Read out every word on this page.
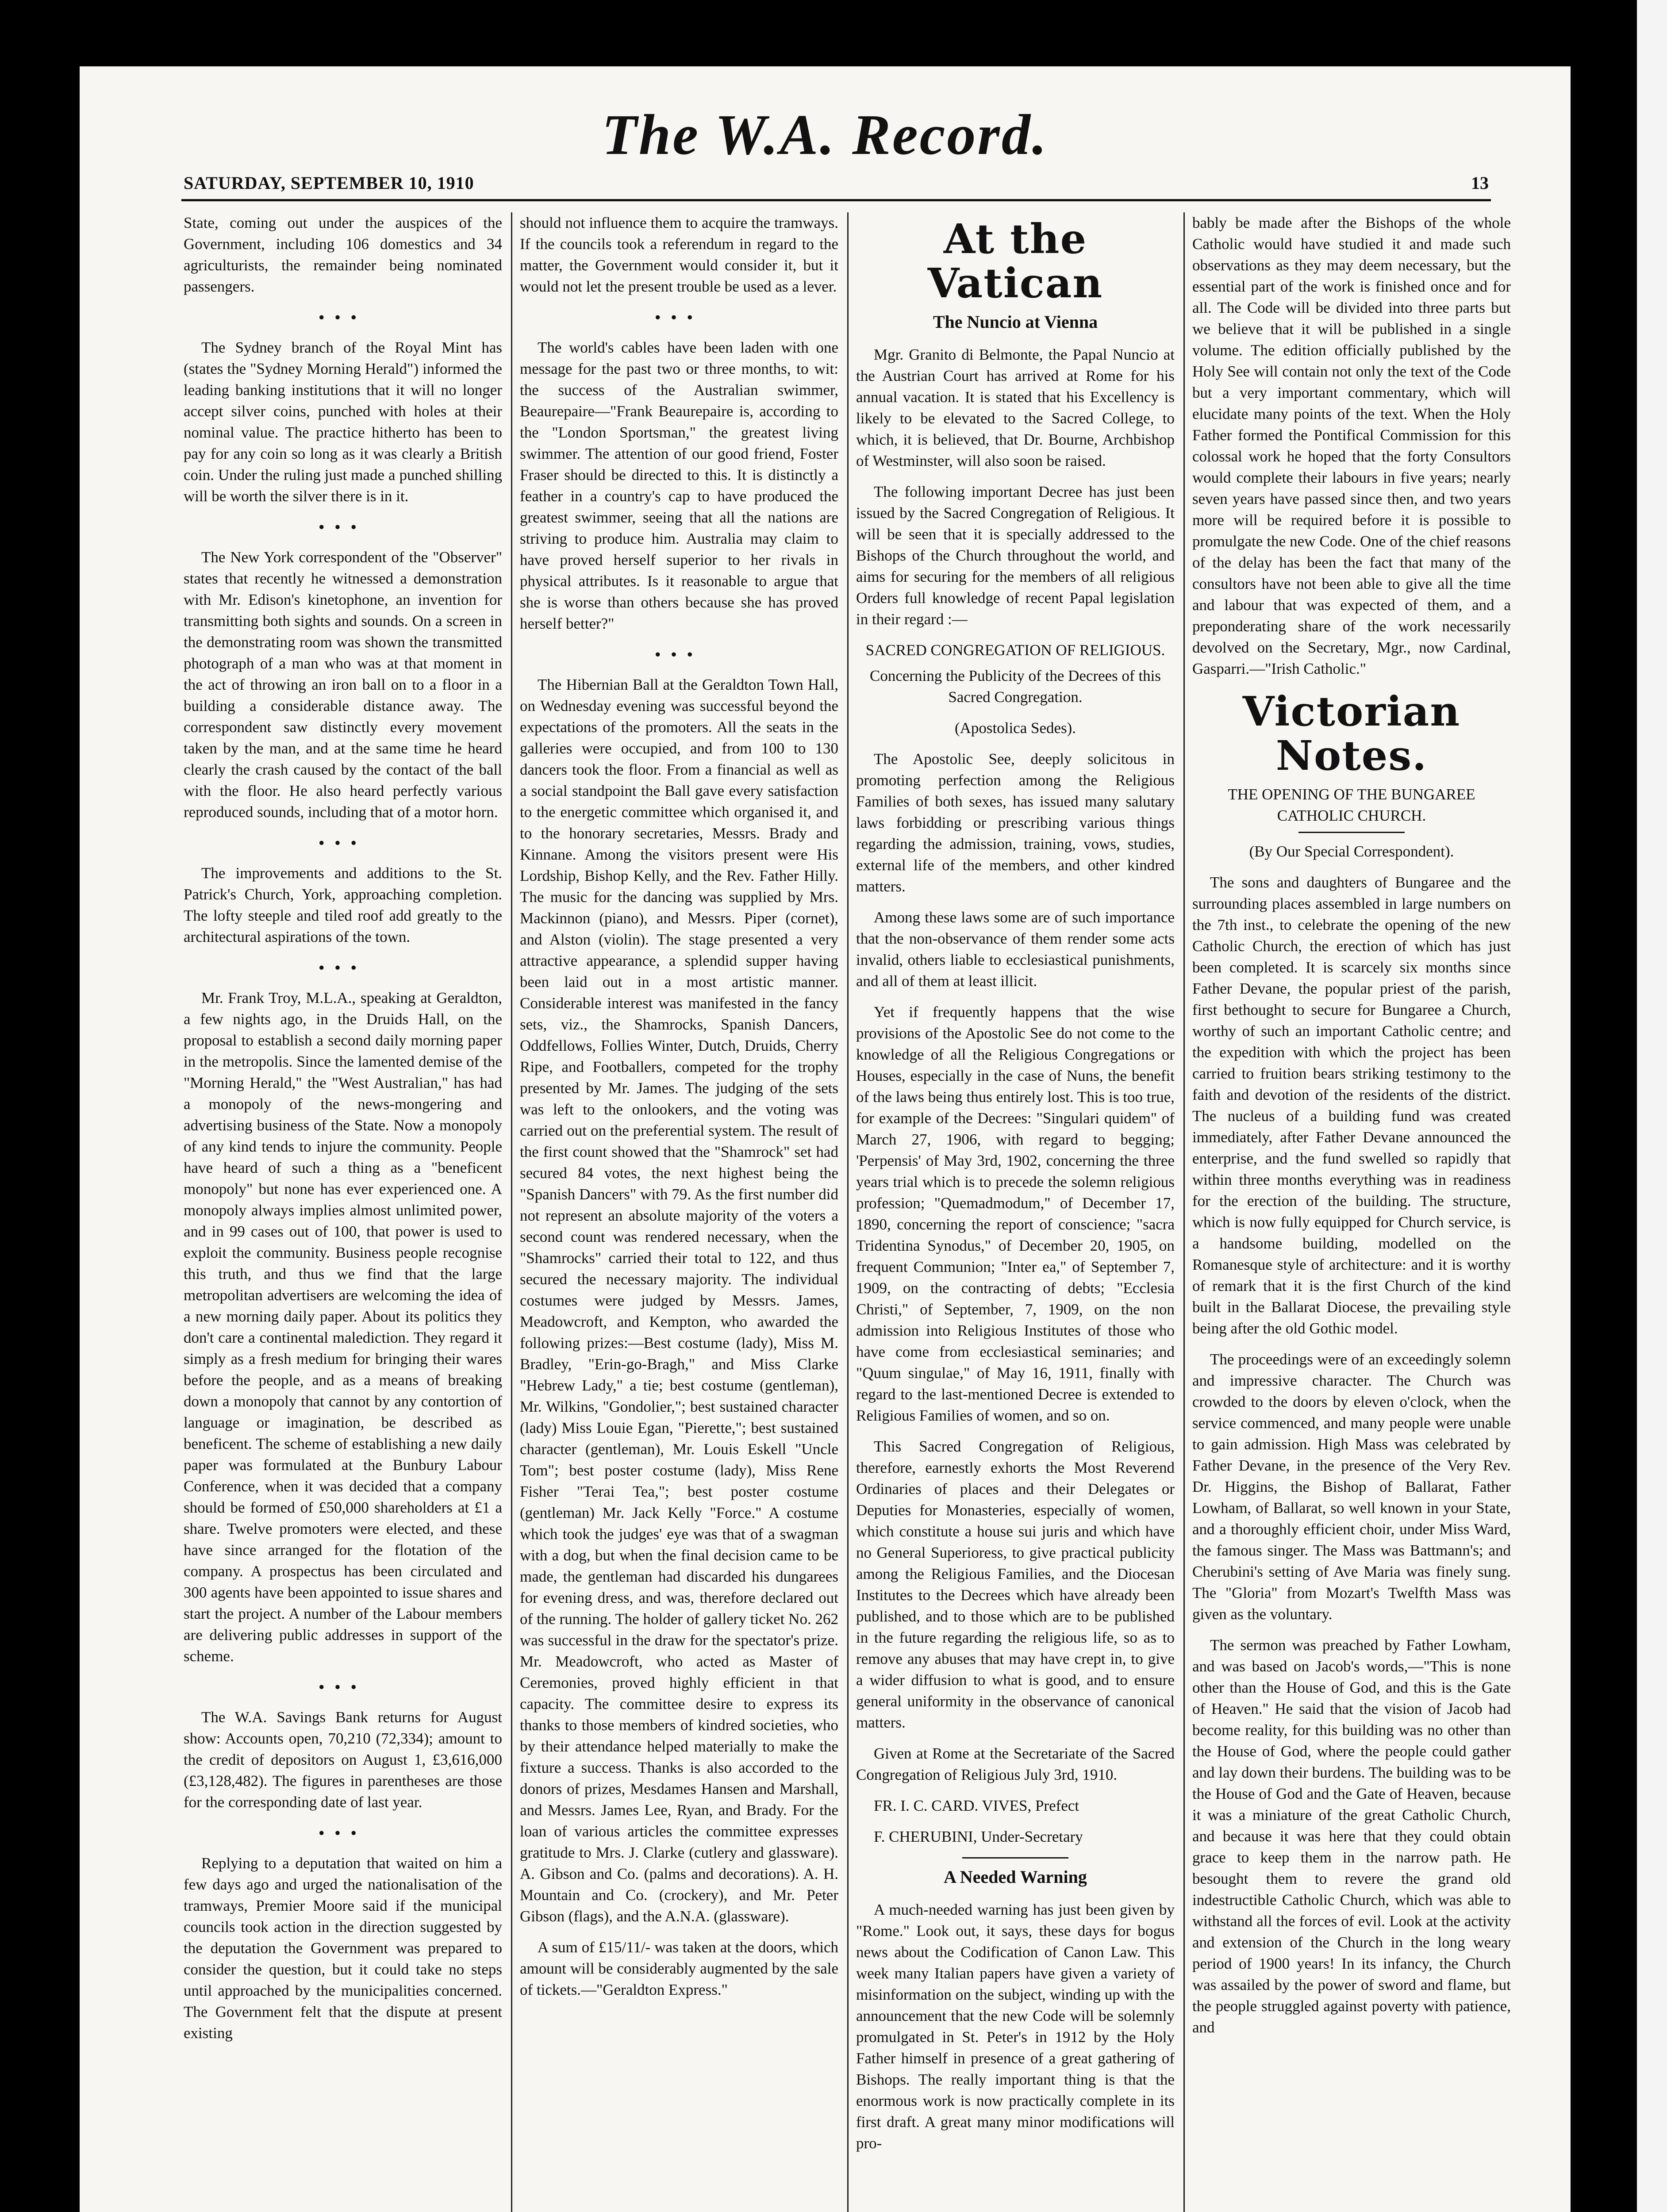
The W.A. Record.
SATURDAY, SEPTEMBER 10, 1910	13

State, coming out under the auspices of the Government, including 106 domestics and 34 agriculturists, the remainder being nominated passengers.

•••

The Sydney branch of the Royal Mint has (states the "Sydney Morning Herald") informed the leading banking institutions that it will no longer accept silver coins, punched with holes at their nominal value. The practice hitherto has been to pay for any coin so long as it was clearly a British coin. Under the ruling just made a punched shilling will be worth the silver there is in it.

•••

The New York correspondent of the "Observer" states that recently he witnessed a demonstration with Mr. Edison's kinetophone, an invention for transmitting both sights and sounds. On a screen in the demonstrating room was shown the transmitted photograph of a man who was at that moment in the act of throwing an iron ball on to a floor in a building a considerable distance away. The correspondent saw distinctly every movement taken by the man, and at the same time he heard clearly the crash caused by the contact of the ball with the floor. He also heard perfectly various reproduced sounds, including that of a motor horn.

•••

The improvements and additions to the St. Patrick's Church, York, approaching completion. The lofty steeple and tiled roof add greatly to the architectural aspirations of the town.

•••

Mr. Frank Troy, M.L.A., speaking at Geraldton, a few nights ago, in the Druids Hall, on the proposal to establish a second daily morning paper in the metropolis. Since the lamented demise of the "Morning Herald," the "West Australian," has had a monopoly of the news-mongering and advertising business of the State. Now a monopoly of any kind tends to injure the community. People have heard of such a thing as a "beneficent monopoly" but none has ever experienced one. A monopoly always implies almost unlimited power, and in 99 cases out of 100, that power is used to exploit the community. Business people recognise this truth, and thus we find that the large metropolitan advertisers are welcoming the idea of a new morning daily paper. About its politics they don't care a continental malediction. They regard it simply as a fresh medium for bringing their wares before the people, and as a means of breaking down a monopoly that cannot by any contortion of language or imagination, be described as beneficent. The scheme of establishing a new daily paper was formulated at the Bunbury Labour Conference, when it was decided that a company should be formed of £50,000 shareholders at £1 a share. Twelve promoters were elected, and these have since arranged for the flotation of the company. A prospectus has been circulated and 300 agents have been appointed to issue shares and start the project. A number of the Labour members are delivering public addresses in support of the scheme.

•••

The W.A. Savings Bank returns for August show: Accounts open, 70,210 (72,334); amount to the credit of depositors on August 1, £3,616,000 (£3,128,482). The figures in parentheses are those for the corresponding date of last year.

•••

Replying to a deputation that waited on him a few days ago and urged the nationalisation of the tramways, Premier Moore said if the municipal councils took action in the direction suggested by the deputation the Government was prepared to consider the question, but it could take no steps until approached by the municipalities concerned. The Government felt that the dispute at present existing

should not influence them to acquire the tramways. If the councils took a referendum in regard to the matter, the Government would consider it, but it would not let the present trouble be used as a lever.

•••

The world's cables have been laden with one message for the past two or three months, to wit: the success of the Australian swimmer, Beaurepaire—"Frank Beaurepaire is, according to the "London Sportsman," the greatest living swimmer. The attention of our good friend, Foster Fraser should be directed to this. It is distinctly a feather in a country's cap to have produced the greatest swimmer, seeing that all the nations are striving to produce him. Australia may claim to have proved herself superior to her rivals in physical attributes. Is it reasonable to argue that she is worse than others because she has proved herself better?"

•••

The Hibernian Ball at the Geraldton Town Hall, on Wednesday evening was successful beyond the expectations of the promoters. All the seats in the galleries were occupied, and from 100 to 130 dancers took the floor. From a financial as well as a social standpoint the Ball gave every satisfaction to the energetic committee which organised it, and to the honorary secretaries, Messrs. Brady and Kinnane. Among the visitors present were His Lordship, Bishop Kelly, and the Rev. Father Hilly. The music for the dancing was supplied by Mrs. Mackinnon (piano), and Messrs. Piper (cornet), and Alston (violin). The stage presented a very attractive appearance, a splendid supper having been laid out in a most artistic manner. Considerable interest was manifested in the fancy sets, viz., the Shamrocks, Spanish Dancers, Oddfellows, Follies Winter, Dutch, Druids, Cherry Ripe, and Footballers, competed for the trophy presented by Mr. James. The judging of the sets was left to the onlookers, and the voting was carried out on the preferential system. The result of the first count showed that the "Shamrock" set had secured 84 votes, the next highest being the "Spanish Dancers" with 79. As the first number did not represent an absolute majority of the voters a second count was rendered necessary, when the "Shamrocks" carried their total to 122, and thus secured the necessary majority. The individual costumes were judged by Messrs. James, Meadowcroft, and Kempton, who awarded the following prizes:—Best costume (lady), Miss M. Bradley, "Erin-go-Bragh," and Miss Clarke "Hebrew Lady," a tie; best costume (gentleman), Mr. Wilkins, "Gondolier,"; best sustained character (lady) Miss Louie Egan, "Pierette,"; best sustained character (gentleman), Mr. Louis Eskell "Uncle Tom"; best poster costume (lady), Miss Rene Fisher "Terai Tea,"; best poster costume (gentleman) Mr. Jack Kelly "Force." A costume which took the judges' eye was that of a swagman with a dog, but when the final decision came to be made, the gentleman had discarded his dungarees for evening dress, and was, therefore declared out of the running. The holder of gallery ticket No. 262 was successful in the draw for the spectator's prize. Mr. Meadowcroft, who acted as Master of Ceremonies, proved highly efficient in that capacity. The committee desire to express its thanks to those members of kindred societies, who by their attendance helped materially to make the fixture a success. Thanks is also accorded to the donors of prizes, Mesdames Hansen and Marshall, and Messrs. James Lee, Ryan, and Brady. For the loan of various articles the committee expresses gratitude to Mrs. J. Clarke (cutlery and glassware). A. Gibson and Co. (palms and decorations). A. H. Mountain and Co. (crockery), and Mr. Peter Gibson (flags), and the A.N.A. (glassware).

A sum of £15/11/- was taken at the doors, which amount will be considerably augmented by the sale of tickets.—"Geraldton Express."

At the Vatican
The Nuncio at Vienna

Mgr. Granito di Belmonte, the Papal Nuncio at the Austrian Court has arrived at Rome for his annual vacation. It is stated that his Excellency is likely to be elevated to the Sacred College, to which, it is believed, that Dr. Bourne, Archbishop of Westminster, will also soon be raised.

The following important Decree has just been issued by the Sacred Congregation of Religious. It will be seen that it is specially addressed to the Bishops of the Church throughout the world, and aims for securing for the members of all religious Orders full knowledge of recent Papal legislation in their regard :—

SACRED CONGREGATION OF RELIGIOUS.

Concerning the Publicity of the Decrees of this Sacred Congregation.

(Apostolica Sedes).

The Apostolic See, deeply solicitous in promoting perfection among the Religious Families of both sexes, has issued many salutary laws forbidding or prescribing various things regarding the admission, training, vows, studies, external life of the members, and other kindred matters.

Among these laws some are of such importance that the non-observance of them render some acts invalid, others liable to ecclesiastical punishments, and all of them at least illicit.

Yet if frequently happens that the wise provisions of the Apostolic See do not come to the knowledge of all the Religious Congregations or Houses, especially in the case of Nuns, the benefit of the laws being thus entirely lost. This is too true, for example of the Decrees: "Singulari quidem" of March 27, 1906, with regard to begging; 'Perpensis' of May 3rd, 1902, concerning the three years trial which is to precede the solemn religious profession; "Quemadmodum," of December 17, 1890, concerning the report of conscience; "sacra Tridentina Synodus," of December 20, 1905, on frequent Communion; "Inter ea," of September 7, 1909, on the contracting of debts; "Ecclesia Christi," of September, 7, 1909, on the non admission into Religious Institutes of those who have come from ecclesiastical seminaries; and "Quum singulae," of May 16, 1911, finally with regard to the last-mentioned Decree is extended to Religious Families of women, and so on.

This Sacred Congregation of Religious, therefore, earnestly exhorts the Most Reverend Ordinaries of places and their Delegates or Deputies for Monasteries, especially of women, which constitute a house sui juris and which have no General Superioress, to give practical publicity among the Religious Families, and the Diocesan Institutes to the Decrees which have already been published, and to those which are to be published in the future regarding the religious life, so as to remove any abuses that may have crept in, to give a wider diffusion to what is good, and to ensure general uniformity in the observance of canonical matters.

Given at Rome at the Secretariate of the Sacred Congregation of Religious July 3rd, 1910.

FR. I. C. CARD. VIVES, Prefect

F. CHERUBINI, Under-Secretary

A Needed Warning

A much-needed warning has just been given by "Rome." Look out, it says, these days for bogus news about the Codification of Canon Law. This week many Italian papers have given a variety of misinformation on the subject, winding up with the announcement that the new Code will be solemnly promulgated in St. Peter's in 1912 by the Holy Father himself in presence of a great gathering of Bishops. The really important thing is that the enormous work is now practically complete in its first draft. A great many minor modifications will pro-

bably be made after the Bishops of the whole Catholic would have studied it and made such observations as they may deem necessary, but the essential part of the work is finished once and for all. The Code will be divided into three parts but we believe that it will be published in a single volume. The edition officially published by the Holy See will contain not only the text of the Code but a very important commentary, which will elucidate many points of the text. When the Holy Father formed the Pontifical Commission for this colossal work he hoped that the forty Consultors would complete their labours in five years; nearly seven years have passed since then, and two years more will be required before it is possible to promulgate the new Code. One of the chief reasons of the delay has been the fact that many of the consultors have not been able to give all the time and labour that was expected of them, and a preponderating share of the work necessarily devolved on the Secretary, Mgr., now Cardinal, Gasparri.—"Irish Catholic."

Victorian Notes.
THE OPENING OF THE BUNGAREE CATHOLIC CHURCH.

(By Our Special Correspondent).

The sons and daughters of Bungaree and the surrounding places assembled in large numbers on the 7th inst., to celebrate the opening of the new Catholic Church, the erection of which has just been completed. It is scarcely six months since Father Devane, the popular priest of the parish, first bethought to secure for Bungaree a Church, worthy of such an important Catholic centre; and the expedition with which the project has been carried to fruition bears striking testimony to the faith and devotion of the residents of the district. The nucleus of a building fund was created immediately, after Father Devane announced the enterprise, and the fund swelled so rapidly that within three months everything was in readiness for the erection of the building. The structure, which is now fully equipped for Church service, is a handsome building, modelled on the Romanesque style of architecture: and it is worthy of remark that it is the first Church of the kind built in the Ballarat Diocese, the prevailing style being after the old Gothic model.

The proceedings were of an exceedingly solemn and impressive character. The Church was crowded to the doors by eleven o'clock, when the service commenced, and many people were unable to gain admission. High Mass was celebrated by Father Devane, in the presence of the Very Rev. Dr. Higgins, the Bishop of Ballarat, Father Lowham, of Ballarat, so well known in your State, and a thoroughly efficient choir, under Miss Ward, the famous singer. The Mass was Battmann's; and Cherubini's setting of Ave Maria was finely sung. The "Gloria" from Mozart's Twelfth Mass was given as the voluntary.

The sermon was preached by Father Lowham, and was based on Jacob's words,—"This is none other than the House of God, and this is the Gate of Heaven." He said that the vision of Jacob had become reality, for this building was no other than the House of God, where the people could gather and lay down their burdens. The building was to be the House of God and the Gate of Heaven, because it was a miniature of the great Catholic Church, and because it was here that they could obtain grace to keep them in the narrow path. He besought them to revere the grand old indestructible Catholic Church, which was able to withstand all the forces of evil. Look at the activity and extension of the Church in the long weary period of 1900 years! In its infancy, the Church was assailed by the power of sword and flame, but the people struggled against poverty with patience, and
